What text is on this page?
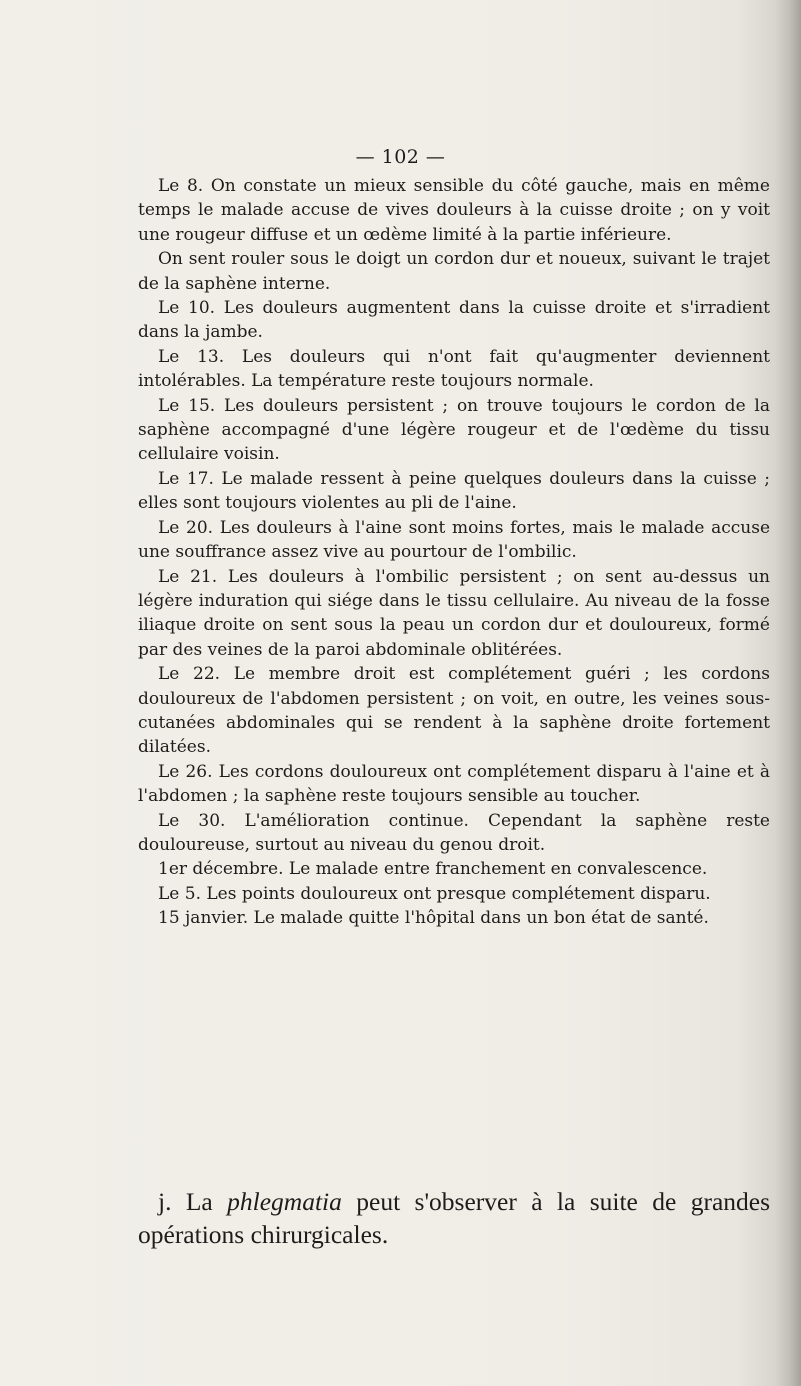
— 102 —

Le 8. On constate un mieux sensible du côté gauche, mais en même temps le malade accuse de vives douleurs à la cuisse droite ; on y voit une rougeur diffuse et un œdème limité à la partie inférieure.

On sent rouler sous le doigt un cordon dur et noueux, suivant le trajet de la saphène interne.

Le 10. Les douleurs augmentent dans la cuisse droite et s'irradient dans la jambe.

Le 13. Les douleurs qui n'ont fait qu'augmenter deviennent intolérables. La température reste toujours normale.

Le 15. Les douleurs persistent ; on trouve toujours le cordon de la saphène accompagné d'une légère rougeur et de l'œdème du tissu cellulaire voisin.

Le 17. Le malade ressent à peine quelques douleurs dans la cuisse ; elles sont toujours violentes au pli de l'aine.

Le 20. Les douleurs à l'aine sont moins fortes, mais le malade accuse une souffrance assez vive au pourtour de l'ombilic.

Le 21. Les douleurs à l'ombilic persistent ; on sent au-dessus un légère induration qui siége dans le tissu cellulaire. Au niveau de la fosse iliaque droite on sent sous la peau un cordon dur et douloureux, formé par des veines de la paroi abdominale oblitérées.

Le 22. Le membre droit est complétement guéri ; les cordons douloureux de l'abdomen persistent ; on voit, en outre, les veines sous-cutanées abdominales qui se rendent à la saphène droite fortement dilatées.

Le 26. Les cordons douloureux ont complétement disparu à l'aine et à l'abdomen ; la saphène reste toujours sensible au toucher.

Le 30. L'amélioration continue. Cependant la saphène reste douloureuse, surtout au niveau du genou droit.

1er décembre. Le malade entre franchement en convalescence.

Le 5. Les points douloureux ont presque complétement disparu.

15 janvier. Le malade quitte l'hôpital dans un bon état de santé.

j. La phlegmatia peut s'observer à la suite de grandes opérations chirurgicales.
